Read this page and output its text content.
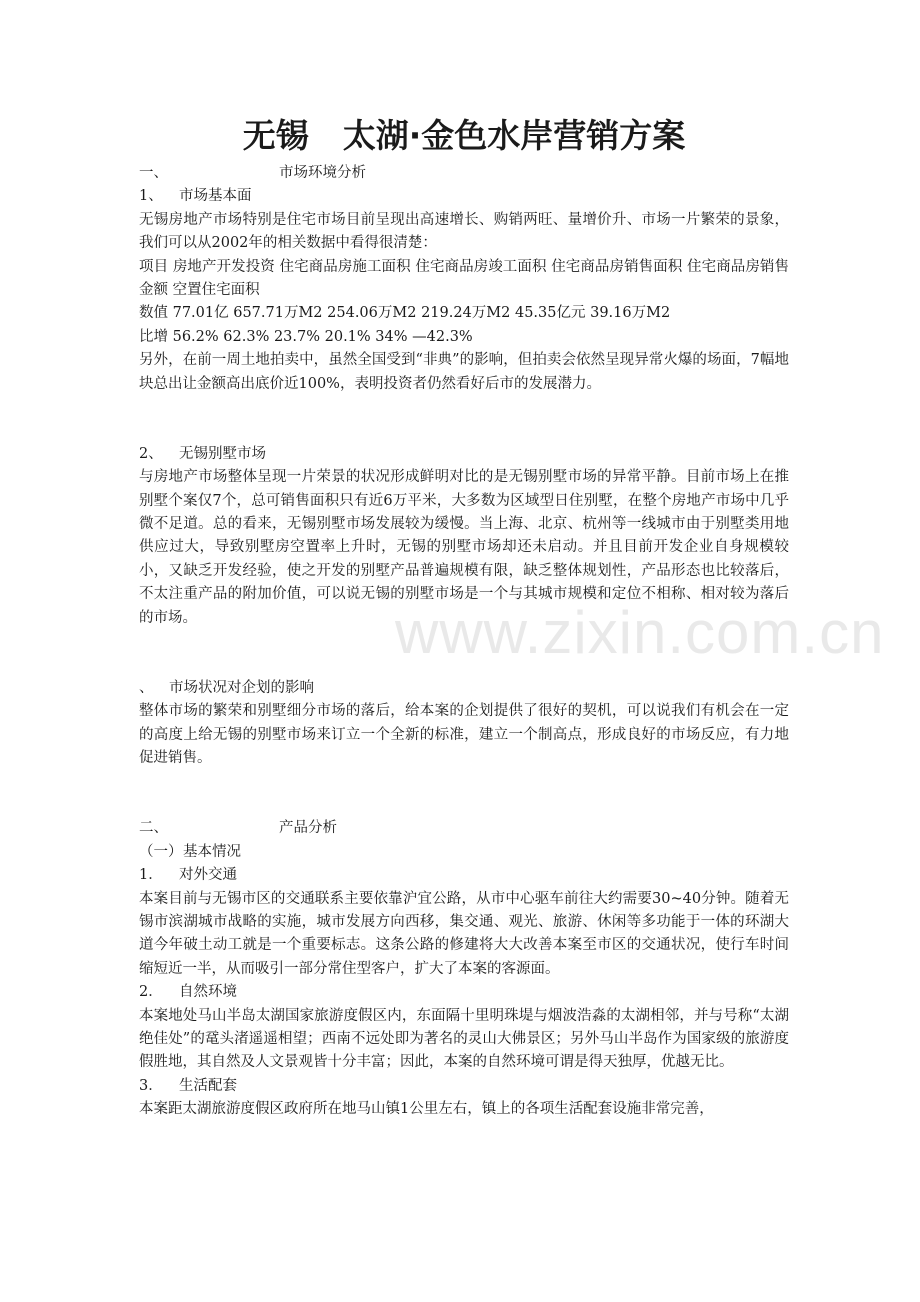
www.zixin.com.cn
无锡 太湖·金色水岸营销方案

一、	市场环境分析

1、 市场基本面

无锡房地产市场特别是住宅市场目前呈现出高速增长、购销两旺、量增价升、市场一片繁荣的景象，我们可以从2002年的相关数据中看得很清楚：

项目 房地产开发投资 住宅商品房施工面积 住宅商品房竣工面积 住宅商品房销售面积 住宅商品房销售金额 空置住宅面积

数值 77.01亿 657.71万M2 254.06万M2 219.24万M2 45.35亿元 39.16万M2

比增 56.2% 62.3% 23.7% 20.1% 34% —42.3%

另外，在前一周土地拍卖中，虽然全国受到“非典”的影响，但拍卖会依然呈现异常火爆的场面，7幅地块总出让金额高出底价近100%，表明投资者仍然看好后市的发展潜力。

2、 无锡别墅市场

与房地产市场整体呈现一片荣景的状况形成鲜明对比的是无锡别墅市场的异常平静。目前市场上在推别墅个案仅7个，总可销售面积只有近6万平米，大多数为区域型日住别墅，在整个房地产市场中几乎微不足道。总的看来，无锡别墅市场发展较为缓慢。当上海、北京、杭州等一线城市由于别墅类用地供应过大，导致别墅房空置率上升时，无锡的别墅市场却还未启动。并且目前开发企业自身规模较小，又缺乏开发经验，使之开发的别墅产品普遍规模有限，缺乏整体规划性，产品形态也比较落后，不太注重产品的附加价值，可以说无锡的别墅市场是一个与其城市规模和定位不相称、相对较为落后的市场。

、 市场状况对企划的影响

整体市场的繁荣和别墅细分市场的落后，给本案的企划提供了很好的契机，可以说我们有机会在一定的高度上给无锡的别墅市场来订立一个全新的标准，建立一个制高点，形成良好的市场反应，有力地促进销售。

二、	产品分析

（一）基本情况

1． 对外交通

本案目前与无锡市区的交通联系主要依靠沪宜公路，从市中心驱车前往大约需要30~40分钟。随着无锡市滨湖城市战略的实施，城市发展方向西移，集交通、观光、旅游、休闲等多功能于一体的环湖大道今年破土动工就是一个重要标志。这条公路的修建将大大改善本案至市区的交通状况，使行车时间缩短近一半，从而吸引一部分常住型客户，扩大了本案的客源面。

2． 自然环境

本案地处马山半岛太湖国家旅游度假区内，东面隔十里明珠堤与烟波浩淼的太湖相邻，并与号称“太湖绝佳处”的鼋头渚遥遥相望；西南不远处即为著名的灵山大佛景区；另外马山半岛作为国家级的旅游度假胜地，其自然及人文景观皆十分丰富；因此，本案的自然环境可谓是得天独厚，优越无比。

3． 生活配套

本案距太湖旅游度假区政府所在地马山镇1公里左右，镇上的各项生活配套设施非常完善，
